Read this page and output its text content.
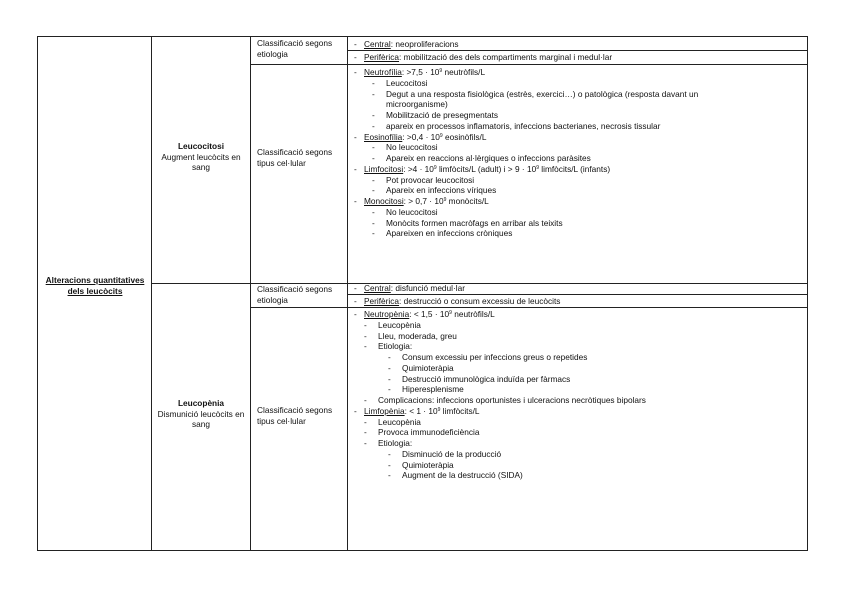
Alteracions quantitatives dels leucòcits
Leucocitosi
Augment leucòcits en sang
Leucopènia
Dismunició leucòcits en sang
Classificació segons etiologia
Classificació segons tipus cel·lular
Classificació segons etiologia
Classificació segons tipus cel·lular
- Central: neoproliferacions
- Perifèrica: mobilització des dels compartiments marginal i medul·lar
- Neutrofília: $>7,5 \cdot 10^9$ neutròfils/L
- Leucocitosi
- Degut a una resposta fisiològica (estrès, exercici…) o patològica (resposta davant un
microorganisme)
- Mobilització de presegmentats
- apareix en processos inflamatoris, infeccions bacterianes, necrosis tissular
- Eosinofília: $>0,4 \cdot 10^9$ eosinòfils/L
- No leucocitosi
- Apareix en reaccions al·lèrgiques o infeccions paràsites
- Limfocitosi: $>4 \cdot 10^9$ limfòcits/L (adult) $i > 9 \cdot 10^9$ limfòcits/L (infants)
- Pot provocar leucocitosi
- Apareix en infeccions víriques
- Monocitosi: > $0,7 \cdot 10^9$ monòcits/L
- No leucocitosi
- Monòcits formen macròfags en arribar als teixits
- Apareixen en infeccions cròniques
- Central: disfunció medul·lar
- Perifèrica: destrucció o consum excessiu de leucòcits
- Neutropènia: < $1,5 \cdot 10^9$ neutròfils/L
- Leucopènia
- Lleu, moderada, greu
- Etiologia:
- Consum excessiu per infeccions greus o repetides
- Quimioteràpia
- Destrucció immunològica induïda per fàrmacs
- Hiperesplenisme
- Complicacions: infeccions oportunistes i ulceracions necròtiques bipolars
- Limfopènia: < $1 \cdot 10^9$ limfòcits/L
- Leucopènia
- Provoca immunodeficiència
- Etiologia:
- Disminució de la producció
- Quimioteràpia
- Augment de la destrucció (SIDA)
